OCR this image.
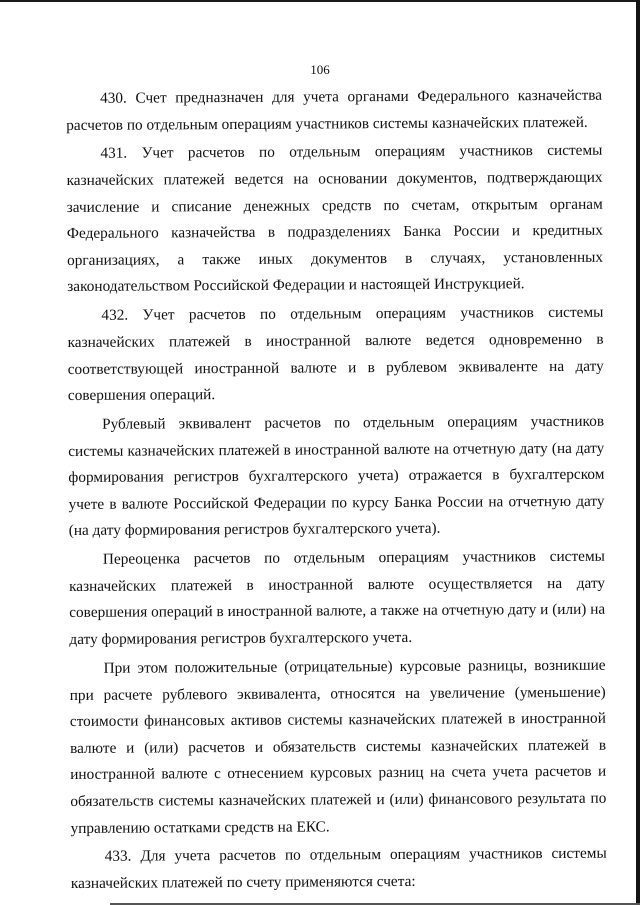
106

430. Счет предназначен для учета органами Федерального казначейства расчетов по отдельным операциям участников системы казначейских платежей.

431. Учет расчетов по отдельным операциям участников системы казначейских платежей ведется на основании документов, подтверждающих зачисление и списание денежных средств по счетам, открытым органам Федерального казначейства в подразделениях Банка России и кредитных организациях, а также иных документов в случаях, установленных законодательством Российской Федерации и настоящей Инструкцией.

432. Учет расчетов по отдельным операциям участников системы казначейских платежей в иностранной валюте ведется одновременно в соответствующей иностранной валюте и в рублевом эквиваленте на дату совершения операций.

Рублевый эквивалент расчетов по отдельным операциям участников системы казначейских платежей в иностранной валюте на отчетную дату (на дату формирования регистров бухгалтерского учета) отражается в бухгалтерском учете в валюте Российской Федерации по курсу Банка России на отчетную дату (на дату формирования регистров бухгалтерского учета).

Переоценка расчетов по отдельным операциям участников системы казначейских платежей в иностранной валюте осуществляется на дату совершения операций в иностранной валюте, а также на отчетную дату и (или) на дату формирования регистров бухгалтерского учета.

При этом положительные (отрицательные) курсовые разницы, возникшие при расчете рублевого эквивалента, относятся на увеличение (уменьшение) стоимости финансовых активов системы казначейских платежей в иностранной валюте и (или) расчетов и обязательств системы казначейских платежей в иностранной валюте с отнесением курсовых разниц на счета учета расчетов и обязательств системы казначейских платежей и (или) финансового результата по управлению остатками средств на ЕКС.

433. Для учета расчетов по отдельным операциям участников системы казначейских платежей по счету применяются счета:
